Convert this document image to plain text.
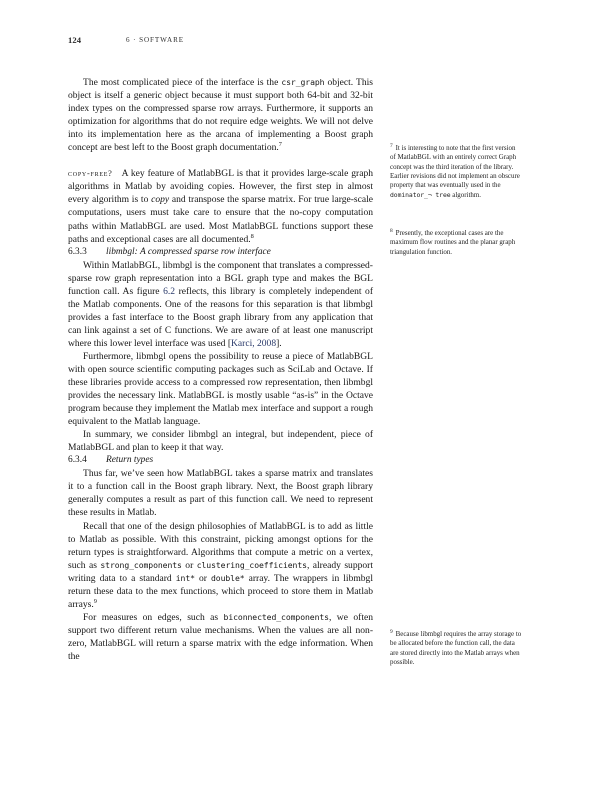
124	6 · SOFTWARE

The most complicated piece of the interface is the csr_graph object. This object is itself a generic object because it must support both 64-bit and 32-bit index types on the compressed sparse row arrays. Furthermore, it supports an optimization for algorithms that do not require edge weights. We will not delve into its implementation here as the arcana of implementing a Boost graph concept are best left to the Boost graph documentation.$^7$

copy-free? A key feature of MatlabBGL is that it provides large-scale graph algorithms in Matlab by avoiding copies. However, the first step in almost every algorithm is to copy and transpose the sparse matrix. For true large-scale computations, users must take care to ensure that the no-copy computation paths within MatlabBGL are used. Most MatlabBGL functions support these paths and exceptional cases are all documented.$^8$

6.3.3 libmbgl: A compressed sparse row interface

Within MatlabBGL, libmbgl is the component that translates a compressed-sparse row graph representation into a BGL graph type and makes the BGL function call. As figure 6.2 reflects, this library is completely independent of the Matlab components. One of the reasons for this separation is that libmbgl provides a fast interface to the Boost graph library from any application that can link against a set of C functions. We are aware of at least one manuscript where this lower level interface was used [Karci, 2008].

Furthermore, libmbgl opens the possibility to reuse a piece of MatlabBGL with open source scientific computing packages such as SciLab and Octave. If these libraries provide access to a compressed row representation, then libmbgl provides the necessary link. MatlabBGL is mostly usable “as-is” in the Octave program because they implement the Matlab mex interface and support a rough equivalent to the Matlab language.

In summary, we consider libmbgl an integral, but independent, piece of MatlabBGL and plan to keep it that way.

6.3.4 Return types

Thus far, we’ve seen how MatlabBGL takes a sparse matrix and translates it to a function call in the Boost graph library. Next, the Boost graph library generally computes a result as part of this function call. We need to represent these results in Matlab.

Recall that one of the design philosophies of MatlabBGL is to add as little to Matlab as possible. With this constraint, picking amongst options for the return types is straightforward. Algorithms that compute a metric on a vertex, such as strong_components or clustering_coefficients, already support writing data to a standard int* or double* array. The wrappers in libmbgl return these data to the mex functions, which proceed to store them in Matlab arrays.$^9$

For measures on edges, such as biconnected_components, we often support two different return value mechanisms. When the values are all non-zero, MatlabBGL will return a sparse matrix with the edge information. When the

$^7$ It is interesting to note that the first version of MatlabBGL with an entirely correct Graph concept was the third iteration of the library. Earlier revisions did not implement an obscure property that was eventually used in the dominator_¬ tree algorithm.
$^8$ Presently, the exceptional cases are the maximum flow routines and the planar graph triangulation function.
$^9$ Because libmbgl requires the array storage to be allocated before the function call, the data are stored directly into the Matlab arrays when possible.
